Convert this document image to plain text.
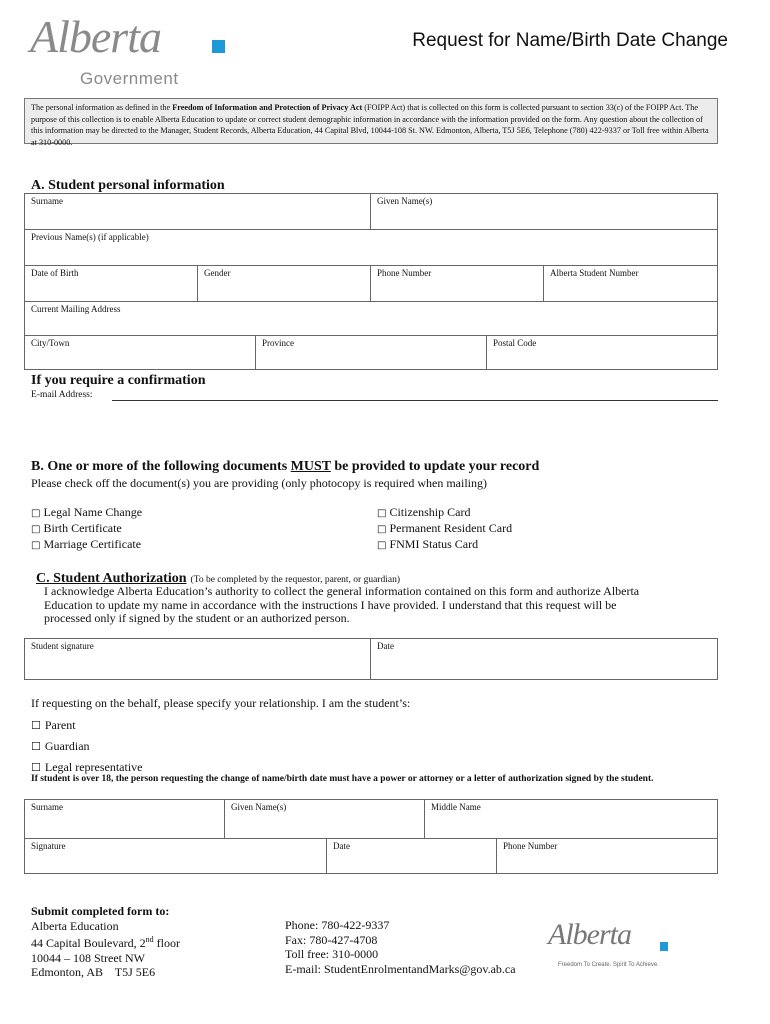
Alberta
Government
Request for Name/Birth Date Change
The personal information as defined in the Freedom of Information and Protection of Privacy Act (FOIPP Act) that is collected on this form is collected pursuant to section 33(c) of the FOIPP Act. The purpose of this collection is to enable Alberta Education to update or correct student demographic information in accordance with the information provided on the form. Any question about the collection of this information may be directed to the Manager, Student Records, Alberta Education, 44 Capital Blvd, 10044-108 St. NW. Edmonton, Alberta, T5J 5E6, Telephone (780) 422-9337 or Toll free within Alberta at 310-0000.
A. Student personal information
Surname	Given Name(s)
Previous Name(s) (if applicable)
Date of Birth	Gender	Phone Number	Alberta Student Number
Current Mailing Address
City/Town	Province	Postal Code
If you require a confirmation
E-mail Address:
B. One or more of the following documents MUST be provided to update your record
Please check off the document(s) you are providing (only photocopy is required when mailing)
□ Legal Name Change
□ Birth Certificate
□ Marriage Certificate
□ Citizenship Card
□ Permanent Resident Card
□ FNMI Status Card
C. Student Authorization (To be completed by the requestor, parent, or guardian)
I acknowledge Alberta Education’s authority to collect the general information contained on this form and authorize Alberta
Education to update my name in accordance with the instructions I have provided. I understand that this request will be
processed only if signed by the student or an authorized person.
Student signature	Date
If requesting on the behalf, please specify your relationship. I am the student’s:
☐ Parent
☐ Guardian
☐ Legal representative
If student is over 18, the person requesting the change of name/birth date must have a power or attorney or a letter of authorization signed by the student.
Surname	Given Name(s)	Middle Name
Signature	Date	Phone Number
Submit completed form to:
Alberta Education
44 Capital Boulevard, 2nd floor
10044 – 108 Street NW
Edmonton, AB    T5J 5E6
Phone: 780-422-9337
Fax: 780-427-4708
Toll free: 310-0000
E-mail: StudentEnrolmentandMarks@gov.ab.ca
Alberta
Freedom To Create. Spirit To Achieve.
